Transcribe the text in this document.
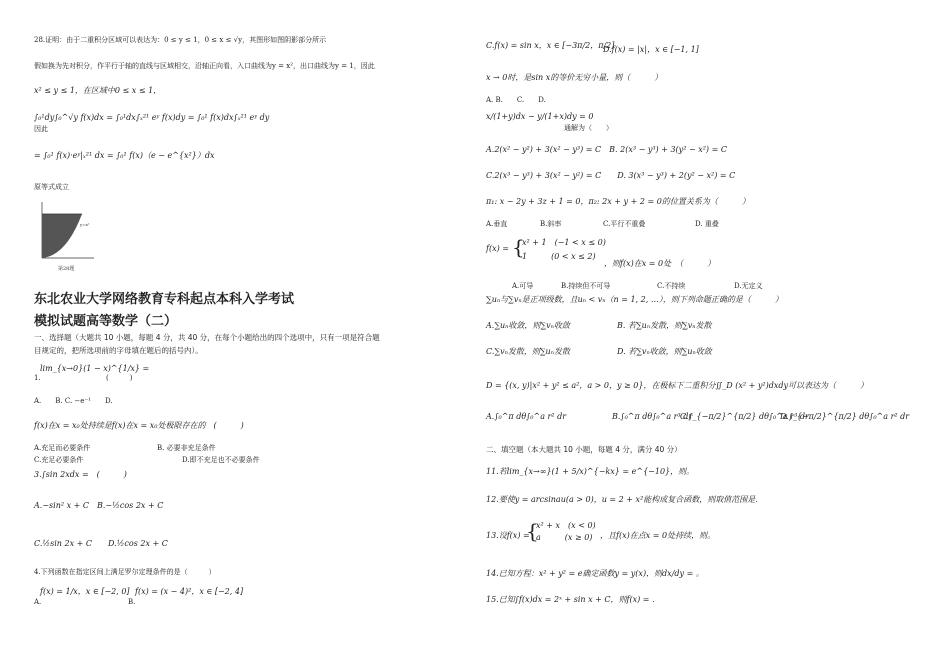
28.证明：由于二重积分区域可以表达为：0 ≤ y ≤ 1，0 ≤ x ≤ √y，其图形如图阴影部分所示
假如换为先对积分，作平行于轴的直线与区域相交，沿轴正向看，入口曲线为y = x²，出口曲线为y = 1，因此
x² ≤ y ≤ 1，在区域中0 ≤ x ≤ 1，
∫₀¹dy∫₀^√y f(x)dx = ∫₀¹dx∫ₓ²¹ eʸ f(x)dy = ∫₀¹ f(x)dx∫ₓ²¹ eʸ dy
因此
= ∫₀¹ f(x)·eʸ|ₓ²¹ dx = ∫₀¹ f(x)（e − e^{x²}）dx
原等式成立
y=x²
第28题
东北农业大学网络教育专科起点本科入学考试
模拟试题高等数学（二）
一、选择题（大题共 10 小题，每题 4 分，共 40 分，在每个小题给出的四个选项中，只有一项是符合题
目规定的，把所选项前的字母填在题后的括号内）。
lim_{x→0}(1 − x)^{1/x} =
1.	(　　　)
A.　　B. C. −e⁻¹　　D.
f(x)在x = x₀处持续是f(x)在x = x₀处极限存在的　(　　　)
A.充足而必要条件	B. 必要非充足条件
C.充足必要条件	D.即不充足也不必要条件
3.∫sin 2xdx =　(　　　)
A.−sin² x + C　B.−½cos 2x + C
C.½sin 2x + C　　D.½cos 2x + C
4.下列函数在指定区间上满足罗尔定理条件的是（　　　）
f(x) = 1/x，x ∈ [−2, 0] f(x) = (x − 4)²，x ∈ [−2, 4]
A.	B.
C.f(x) = sin x，x ∈ [−3π/2，π/2]
D.f(x) = |x|，x ∈ [−1, 1]
x → 0时，是sin x的等价无穷小量，则（　　　）
A. B.　　C.　　D.
x/(1+y)dx − y/(1+x)dy = 0
通解为（　　）
A.2(x² − y²) + 3(x² − y³) = C　B. 2(x³ − y³) + 3(y² − x²) = C
C.2(x³ − y³) + 3(x² − y²) = C　　D. 3(x³ − y³) + 2(y² − x²) = C
π₁: x − 2y + 3z + 1 = 0，π₂: 2x + y + 2 = 0的位置关系为（　　　）
A.垂直	B.斜率	C.平行不重叠	D. 重叠
f(x) = {
x² + 1　(−1 < x ≤ 0)
1　　　(0 < x ≤ 2)
，则f(x)在x = 0处　（　　　）
A.可导	B.持续但不可导	C.不持续	D.无定义
∑uₙ与∑vₙ是正项级数，且uₙ < vₙ（n = 1, 2, …），则下列命题正确的是（　　　）
A.∑uₙ收敛，则∑vₙ收敛	B. 若∑uₙ发散，则∑vₙ发散
C.∑vₙ发散，则∑uₙ发散	D. 若∑vₙ收敛，则∑uₙ收敛
D = {(x, y)|x² + y² ≤ a²，a > 0，y ≥ 0}，在极标下二重积分∬_D (x² + y²)dxdy可以表达为（　　　）
A.∫₀^π dθ∫₀^a r² dr	B.∫₀^π dθ∫₀^a r³ dr
C.∫_{−π/2}^{π/2} dθ∫₀^a r³ dr
D.∫_{−π/2}^{π/2} dθ∫₀^a r² dr
二、填空题（本大题共 10 小题，每题 4 分，满分 40 分）
11.若lim_{x→∞}(1 + 5/x)^{−kx} = e^{−10}，则。
12.要使y = arcsinau(a > 0)，u = 2 + x²能构成复合函数，则取值范围是．
13.设f(x) =
{
x² + x　(x < 0)
a　　　(x ≥ 0) ，且f(x)在点x = 0处持续，则。
14.已知方程：x² + y² = e确定函数y = y(x)，则dx/dy = 。
15.已知∫f(x)dx = 2ˣ + sin x + C，则f(x) = ．
